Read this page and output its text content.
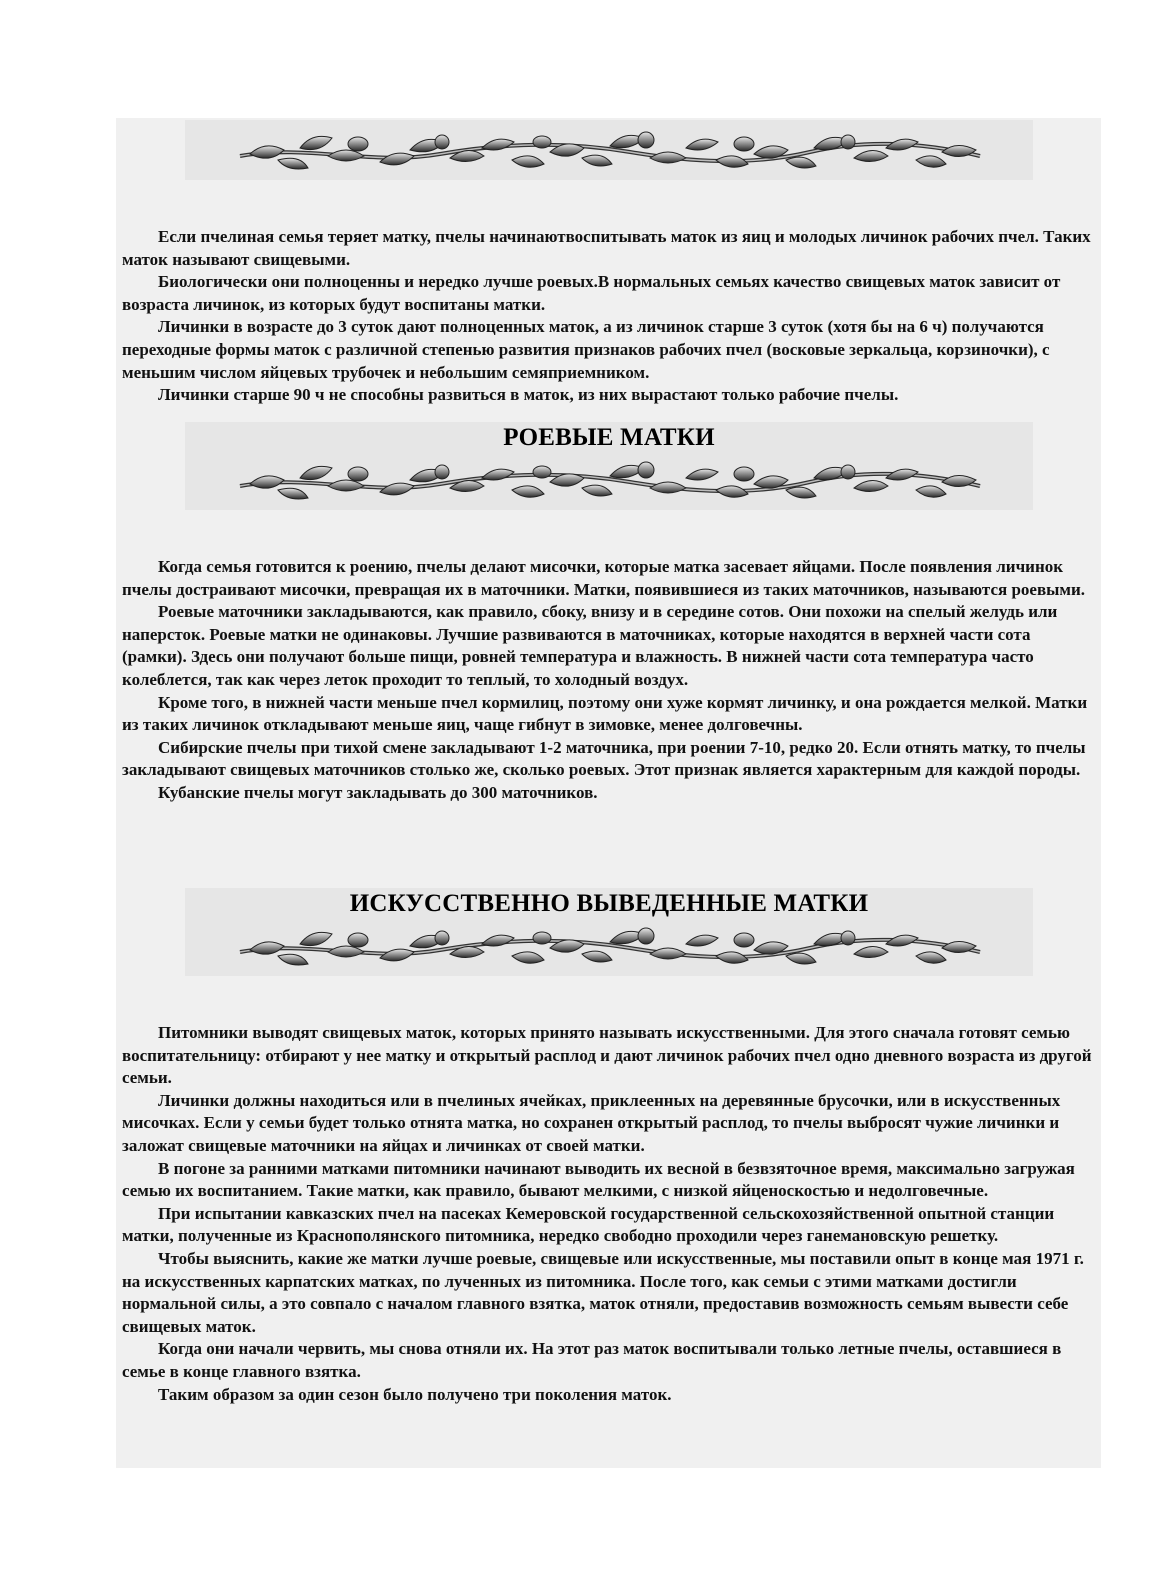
Если пчелиная семья теряет матку, пчелы начинаютвоспитывать маток из яиц и молодых личинок рабочих пчел. Таких маток называют свищевыми.

Биологически они полноценны и нередко лучше роевых.В нормальных семьях качество свищевых маток зависит от возраста личинок, из которых будут воспитаны матки.

Личинки в возрасте до 3 суток дают полноценных маток, а из личинок старше 3 суток (хотя бы на 6 ч) получаются переходные формы маток с различной степенью развития признаков рабочих пчел (восковые зеркальца, корзиночки), с меньшим числом яйцевых трубочек и небольшим семяприемником.

Личинки старше 90 ч не способны развиться в маток, из них вырастают только рабочие пчелы.

РОЕВЫЕ МАТКИ

Когда семья готовится к роению, пчелы делают мисочки, которые матка засевает яйцами. После появления личинок пчелы достраивают мисочки, превращая их в маточники. Матки, появившиеся из таких маточников, называются роевыми.

Роевые маточники закладываются, как правило, сбоку, внизу и в середине сотов. Они похожи на спелый желудь или наперсток. Роевые матки не одинаковы. Лучшие развиваются в маточниках, которые находятся в верхней части сота (рамки). Здесь они получают больше пищи, ровней температура и влажность. В нижней части сота температура часто колеблется, так как через леток проходит то теплый, то холодный воздух.

Кроме того, в нижней части меньше пчел кормилиц, поэтому они хуже кормят личинку, и она рождается мелкой. Матки из таких личинок откладывают меньше яиц, чаще гибнут в зимовке, менее долговечны.

Сибирские пчелы при тихой смене закладывают 1-2 маточника, при роении 7-10, редко 20. Если отнять матку, то пчелы закладывают свищевых маточников столько же, сколько роевых. Этот признак является характерным для каждой породы.

Кубанские пчелы могут закладывать до 300 маточников.

ИСКУССТВЕННО ВЫВЕДЕННЫЕ МАТКИ

Питомники выводят свищевых маток, которых принято называть искусственными. Для этого сначала готовят семью воспитательницу: отбирают у нее матку и открытый расплод и дают личинок рабочих пчел одно дневного возраста из другой семьи.

Личинки должны находиться или в пчелиных ячейках, приклеенных на деревянные брусочки, или в искусственных мисочках. Если у семьи будет только отнята матка, но сохранен открытый расплод, то пчелы выбросят чужие личинки и заложат свищевые маточники на яйцах и личинках от своей матки.

В погоне за ранними матками питомники начинают выводить их весной в безвзяточное время, максимально загружая семью их воспитанием. Такие матки, как правило, бывают мелкими, с низкой яйценоскостью и недолговечные.

При испытании кавказских пчел на пасеках Кемеровской государственной сельскохозяйственной опытной станции матки, полученные из Краснополянского питомника, нередко свободно проходили через ганемановскую решетку.

Чтобы выяснить, какие же матки лучше роевые, свищевые или искусственные, мы поставили опыт в конце мая 1971 г. на искусственных карпатских матках, по лученных из питомника. После того, как семьи с этими матками достигли нормальной силы, а это совпало с началом главного взятка, маток отняли, предоставив возможность семьям вывести себе свищевых маток.

Когда они начали червить, мы снова отняли их. На этот раз маток воспитывали только летные пчелы, оставшиеся в семье в конце главного взятка.

Таким образом за один сезон было получено три поколения маток.
